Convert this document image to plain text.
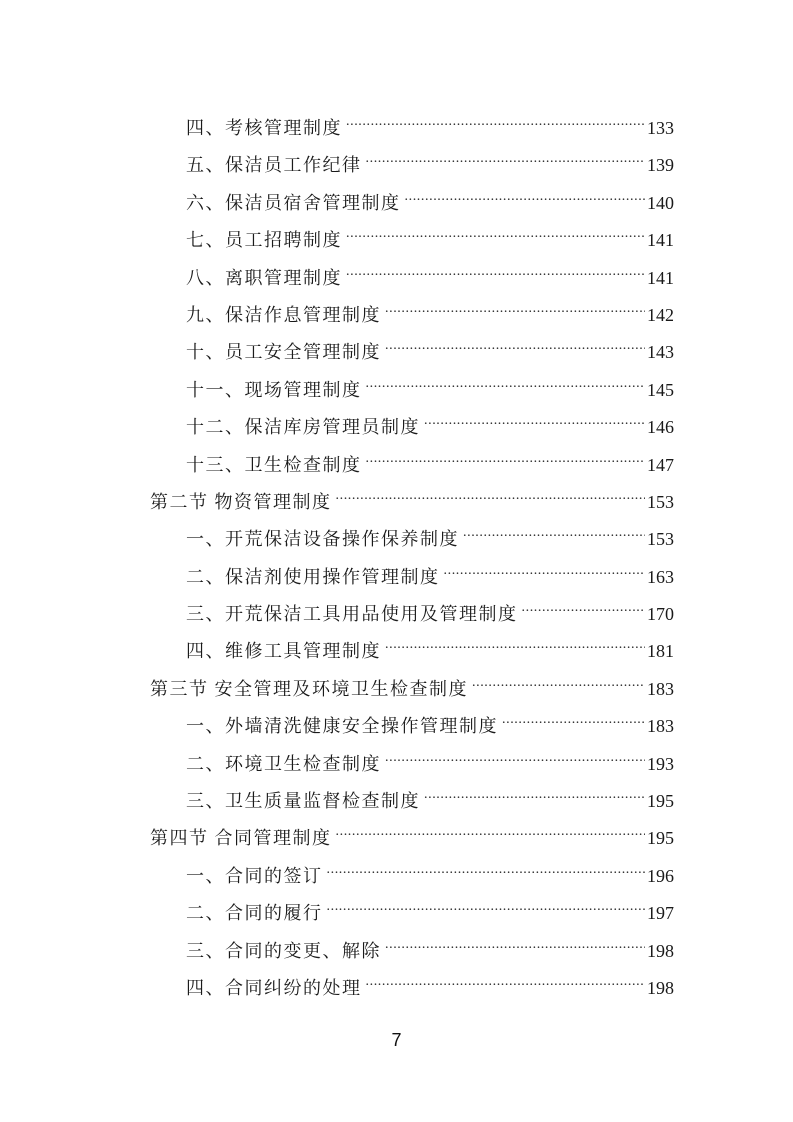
四、考核管理制度 .....	133
五、保洁员工作纪律 .....	139
六、保洁员宿舍管理制度 .....	140
七、员工招聘制度 .....	141
八、离职管理制度 .....	141
九、保洁作息管理制度 .....	142
十、员工安全管理制度 .....	143
十一、现场管理制度 .....	145
十二、保洁库房管理员制度 .....	146
十三、卫生检查制度 .....	147
第二节 物资管理制度 .....	153
一、开荒保洁设备操作保养制度 .....	153
二、保洁剂使用操作管理制度 .....	163
三、开荒保洁工具用品使用及管理制度 .....	170
四、维修工具管理制度 .....	181
第三节 安全管理及环境卫生检查制度 .....	183
一、外墙清洗健康安全操作管理制度 .....	183
二、环境卫生检查制度 .....	193
三、卫生质量监督检查制度 .....	195
第四节 合同管理制度 .....	195
一、合同的签订 .....	196
二、合同的履行 .....	197
三、合同的变更、解除 .....	198
四、合同纠纷的处理 .....	198
7
